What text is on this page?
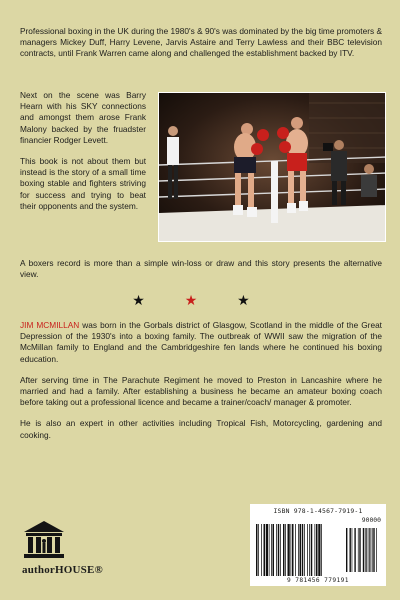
Professional boxing in the UK during the 1980's & 90's was dominated by the big time promoters & managers Mickey Duff, Harry Levene, Jarvis Astaire and Terry Lawless and their BBC television contracts, until Frank Warren came along and challenged the establishment backed by ITV.

Next on the scene was Barry Hearn with his SKY connections and amongst them arose Frank Malony backed by the fruadster financier Rodger Levett.

This book is not about them but instead is the story of a small time boxing stable and fighters striving for success and trying to beat their opponents and the system.

A boxers record is more than a simple win-loss or draw and this story presents the alternative view.

★ ★ ★

JIM MCMILLAN was born in the Gorbals district of Glasgow, Scotland in the middle of the Great Depression of the 1930's into a boxing family. The outbreak of WWII saw the migration of the McMillan family to England and the Cambridgeshire fen lands where he continued his boxing education.

After serving time in The Parachute Regiment he moved to Preston in Lancashire where he married and had a family. After establishing a business he became an amateur boxing coach before taking out a professional licence and became a trainer/coach/ manager & promoter.

He is also an expert in other activities including Tropical Fish, Motorcycling, gardening and cooking.

authorHOUSE®
ISBN 978-1-4567-7919-1
90000
9 781456 779191
